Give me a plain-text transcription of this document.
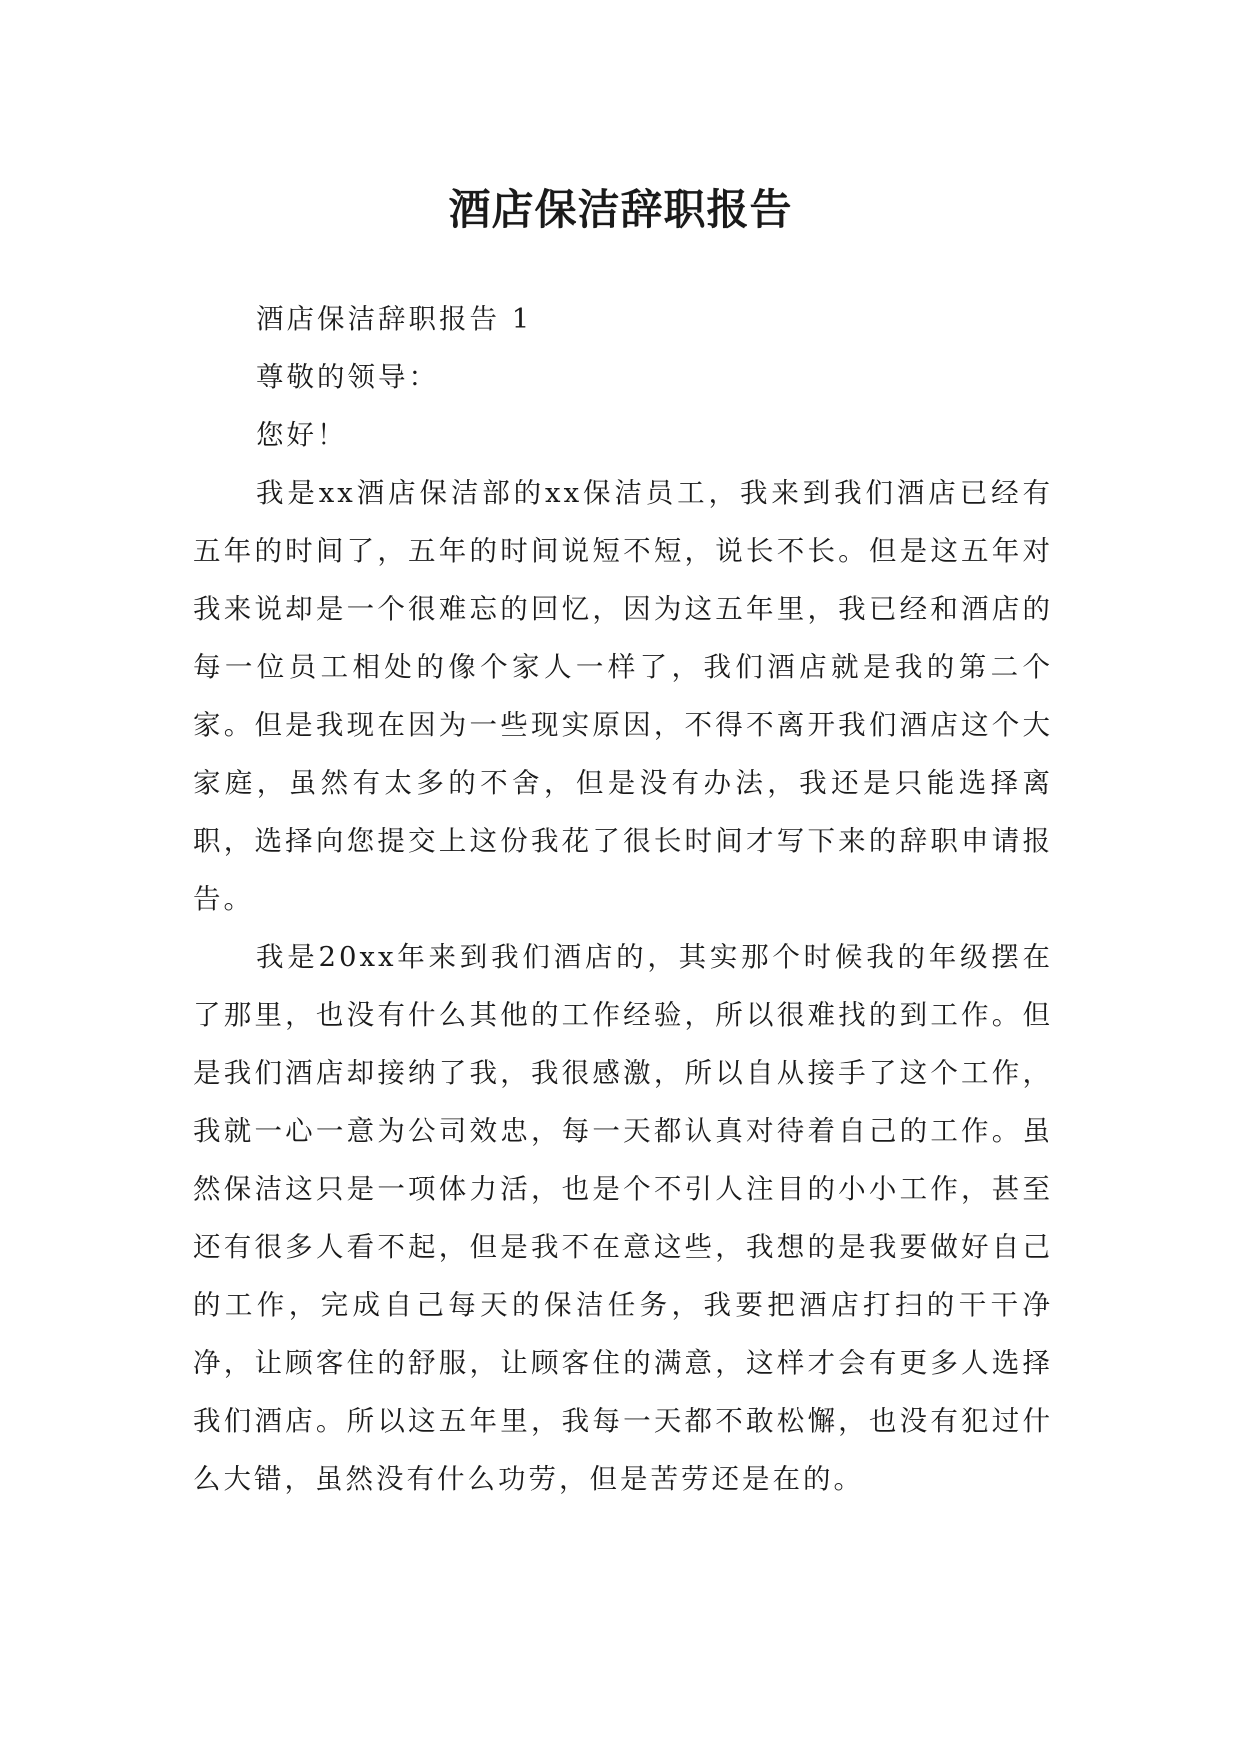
酒店保洁辞职报告

酒店保洁辞职报告 1

尊敬的领导：

您好！

我是xx酒店保洁部的xx保洁员工，我来到我们酒店已经有五年的时间了，五年的时间说短不短，说长不长。但是这五年对我来说却是一个很难忘的回忆，因为这五年里，我已经和酒店的每一位员工相处的像个家人一样了，我们酒店就是我的第二个家。但是我现在因为一些现实原因，不得不离开我们酒店这个大家庭，虽然有太多的不舍，但是没有办法，我还是只能选择离职，选择向您提交上这份我花了很长时间才写下来的辞职申请报告。

我是20xx年来到我们酒店的，其实那个时候我的年级摆在了那里，也没有什么其他的工作经验，所以很难找的到工作。但是我们酒店却接纳了我，我很感激，所以自从接手了这个工作，我就一心一意为公司效忠，每一天都认真对待着自己的工作。虽然保洁这只是一项体力活，也是个不引人注目的小小工作，甚至还有很多人看不起，但是我不在意这些，我想的是我要做好自己的工作，完成自己每天的保洁任务，我要把酒店打扫的干干净净，让顾客住的舒服，让顾客住的满意，这样才会有更多人选择我们酒店。所以这五年里，我每一天都不敢松懈，也没有犯过什么大错，虽然没有什么功劳，但是苦劳还是在的。
